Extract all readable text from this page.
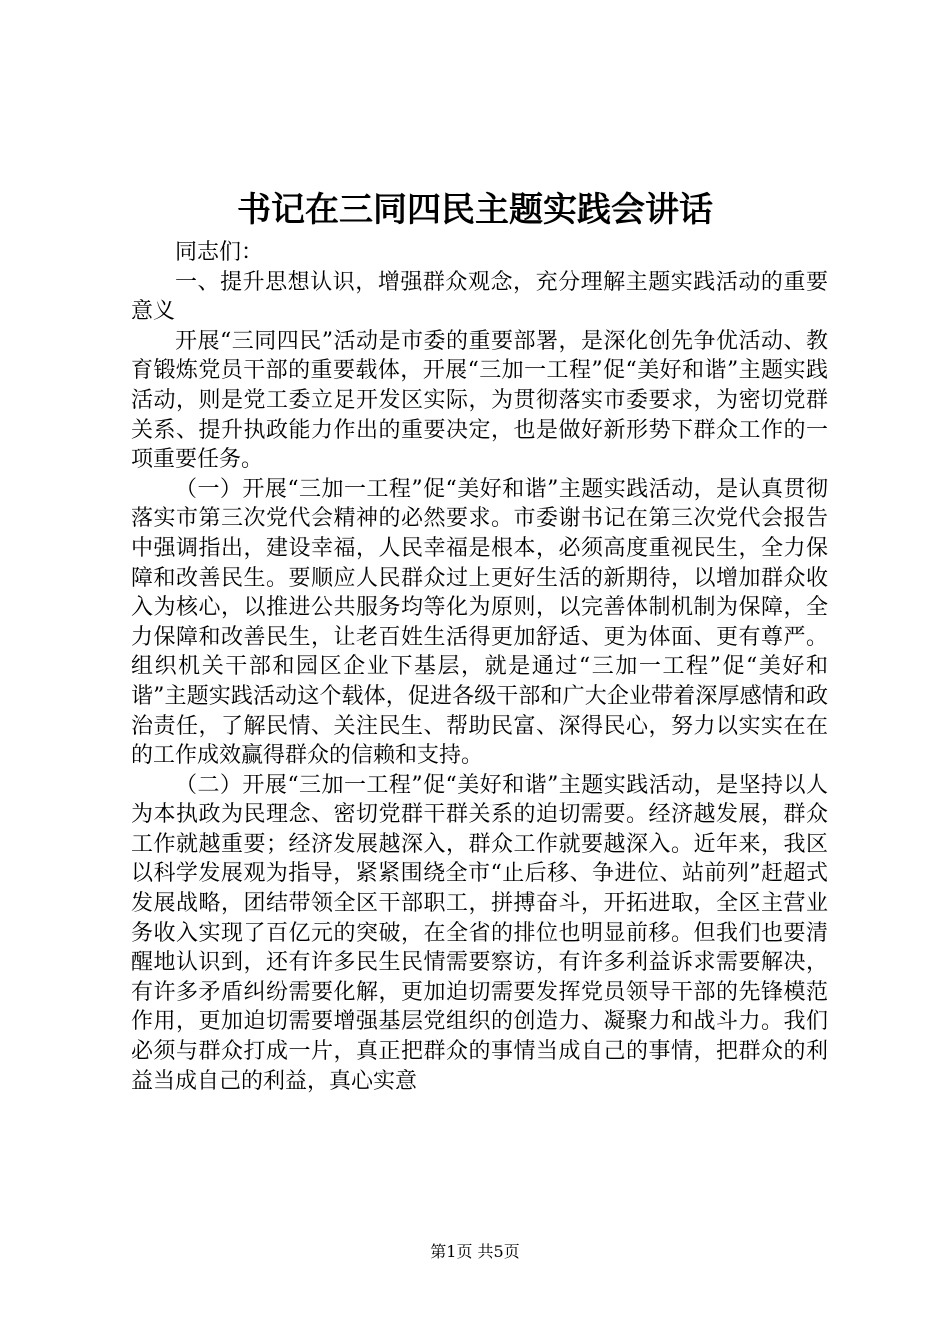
书记在三同四民主题实践会讲话

同志们：

一、提升思想认识，增强群众观念，充分理解主题实践活动的重要意义

开展“三同四民”活动是市委的重要部署，是深化创先争优活动、教育锻炼党员干部的重要载体，开展“三加一工程”促“美好和谐”主题实践活动，则是党工委立足开发区实际，为贯彻落实市委要求，为密切党群关系、提升执政能力作出的重要决定，也是做好新形势下群众工作的一项重要任务。

（一）开展“三加一工程”促“美好和谐”主题实践活动，是认真贯彻落实市第三次党代会精神的必然要求。市委谢书记在第三次党代会报告中强调指出，建设幸福，人民幸福是根本，必须高度重视民生，全力保障和改善民生。要顺应人民群众过上更好生活的新期待，以增加群众收入为核心，以推进公共服务均等化为原则，以完善体制机制为保障，全力保障和改善民生，让老百姓生活得更加舒适、更为体面、更有尊严。组织机关干部和园区企业下基层，就是通过“三加一工程”促“美好和谐”主题实践活动这个载体，促进各级干部和广大企业带着深厚感情和政治责任，了解民情、关注民生、帮助民富、深得民心，努力以实实在在的工作成效赢得群众的信赖和支持。

（二）开展“三加一工程”促“美好和谐”主题实践活动，是坚持以人为本执政为民理念、密切党群干群关系的迫切需要。经济越发展，群众工作就越重要；经济发展越深入，群众工作就要越深入。近年来，我区以科学发展观为指导，紧紧围绕全市“止后移、争进位、站前列”赶超式发展战略，团结带领全区干部职工，拼搏奋斗，开拓进取，全区主营业务收入实现了百亿元的突破，在全省的排位也明显前移。但我们也要清醒地认识到，还有许多民生民情需要察访，有许多利益诉求需要解决，有许多矛盾纠纷需要化解，更加迫切需要发挥党员领导干部的先锋模范作用，更加迫切需要增强基层党组织的创造力、凝聚力和战斗力。我们必须与群众打成一片，真正把群众的事情当成自己的事情，把群众的利益当成自己的利益，真心实意

第1页 共5页
